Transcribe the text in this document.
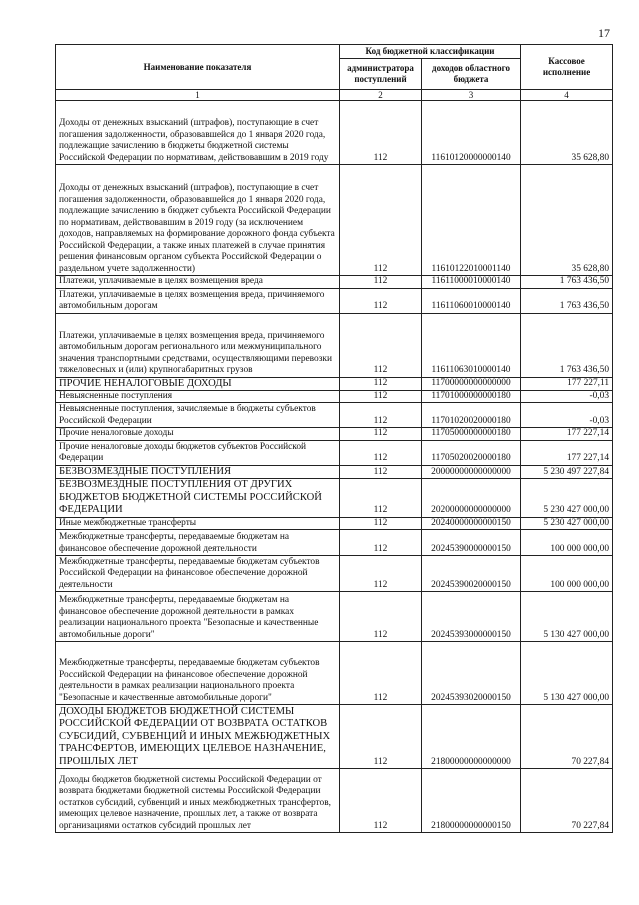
17
Наименование показателя	Код бюджетной классификации		Кассовое исполнение
	администратора поступлений	доходов областного бюджета	
1	2	3	4
Доходы от денежных взысканий (штрафов), поступающие в счет погашения задолженности, образовавшейся до 1 января 2020 года, подлежащие зачислению в бюджеты бюджетной системы Российской Федерации по нормативам, действовавшим в 2019 году	112	11610120000000140	35 628,80
Доходы от денежных взысканий (штрафов), поступающие в счет погашения задолженности, образовавшейся до 1 января 2020 года, подлежащие зачислению в бюджет субъекта Российской Федерации по нормативам, действовавшим в 2019 году (за исключением доходов, направляемых на формирование дорожного фонда субъекта Российской Федерации, а также иных платежей в случае принятия решения финансовым органом субъекта Российской Федерации о раздельном учете задолженности)	112	11610122010001140	35 628,80
Платежи, уплачиваемые в целях возмещения вреда	112	11611000010000140	1 763 436,50
Платежи, уплачиваемые в целях возмещения вреда, причиняемого автомобильным дорогам	112	11611060010000140	1 763 436,50
Платежи, уплачиваемые в целях возмещения вреда, причиняемого автомобильным дорогам регионального или межмуниципального значения транспортными средствами, осуществляющими перевозки тяжеловесных и (или) крупногабаритных грузов	112	11611063010000140	1 763 436,50
ПРОЧИЕ НЕНАЛОГОВЫЕ ДОХОДЫ	112	11700000000000000	177 227,11
Невыясненные поступления	112	11701000000000180	-0,03
Невыясненные поступления, зачисляемые в бюджеты субъектов Российской Федерации	112	11701020020000180	-0,03
Прочие неналоговые доходы	112	11705000000000180	177 227,14
Прочие неналоговые доходы бюджетов субъектов Российской Федерации	112	11705020020000180	177 227,14
БЕЗВОЗМЕЗДНЫЕ ПОСТУПЛЕНИЯ	112	20000000000000000	5 230 497 227,84
БЕЗВОЗМЕЗДНЫЕ ПОСТУПЛЕНИЯ ОТ ДРУГИХ БЮДЖЕТОВ БЮДЖЕТНОЙ СИСТЕМЫ РОССИЙСКОЙ ФЕДЕРАЦИИ	112	20200000000000000	5 230 427 000,00
Иные межбюджетные трансферты	112	20240000000000150	5 230 427 000,00
Межбюджетные трансферты, передаваемые бюджетам на финансовое обеспечение дорожной деятельности	112	20245390000000150	100 000 000,00
Межбюджетные трансферты, передаваемые бюджетам субъектов Российской Федерации на финансовое обеспечение дорожной деятельности	112	20245390020000150	100 000 000,00
Межбюджетные трансферты, передаваемые бюджетам на финансовое обеспечение дорожной деятельности в рамках реализации национального проекта "Безопасные и качественные автомобильные дороги"	112	20245393000000150	5 130 427 000,00
Межбюджетные трансферты, передаваемые бюджетам субъектов Российской Федерации на финансовое обеспечение дорожной деятельности в рамках реализации национального проекта "Безопасные и качественные автомобильные дороги"	112	20245393020000150	5 130 427 000,00
ДОХОДЫ БЮДЖЕТОВ БЮДЖЕТНОЙ СИСТЕМЫ РОССИЙСКОЙ ФЕДЕРАЦИИ ОТ ВОЗВРАТА ОСТАТКОВ СУБСИДИЙ, СУБВЕНЦИЙ И ИНЫХ МЕЖБЮДЖЕТНЫХ ТРАНСФЕРТОВ, ИМЕЮЩИХ ЦЕЛЕВОЕ НАЗНАЧЕНИЕ, ПРОШЛЫХ ЛЕТ	112	21800000000000000	70 227,84
Доходы бюджетов бюджетной системы Российской Федерации от возврата бюджетами бюджетной системы Российской Федерации остатков субсидий, субвенций и иных межбюджетных трансфертов, имеющих целевое назначение, прошлых лет, а также от возврата организациями остатков субсидий прошлых лет	112	21800000000000150	70 227,84
